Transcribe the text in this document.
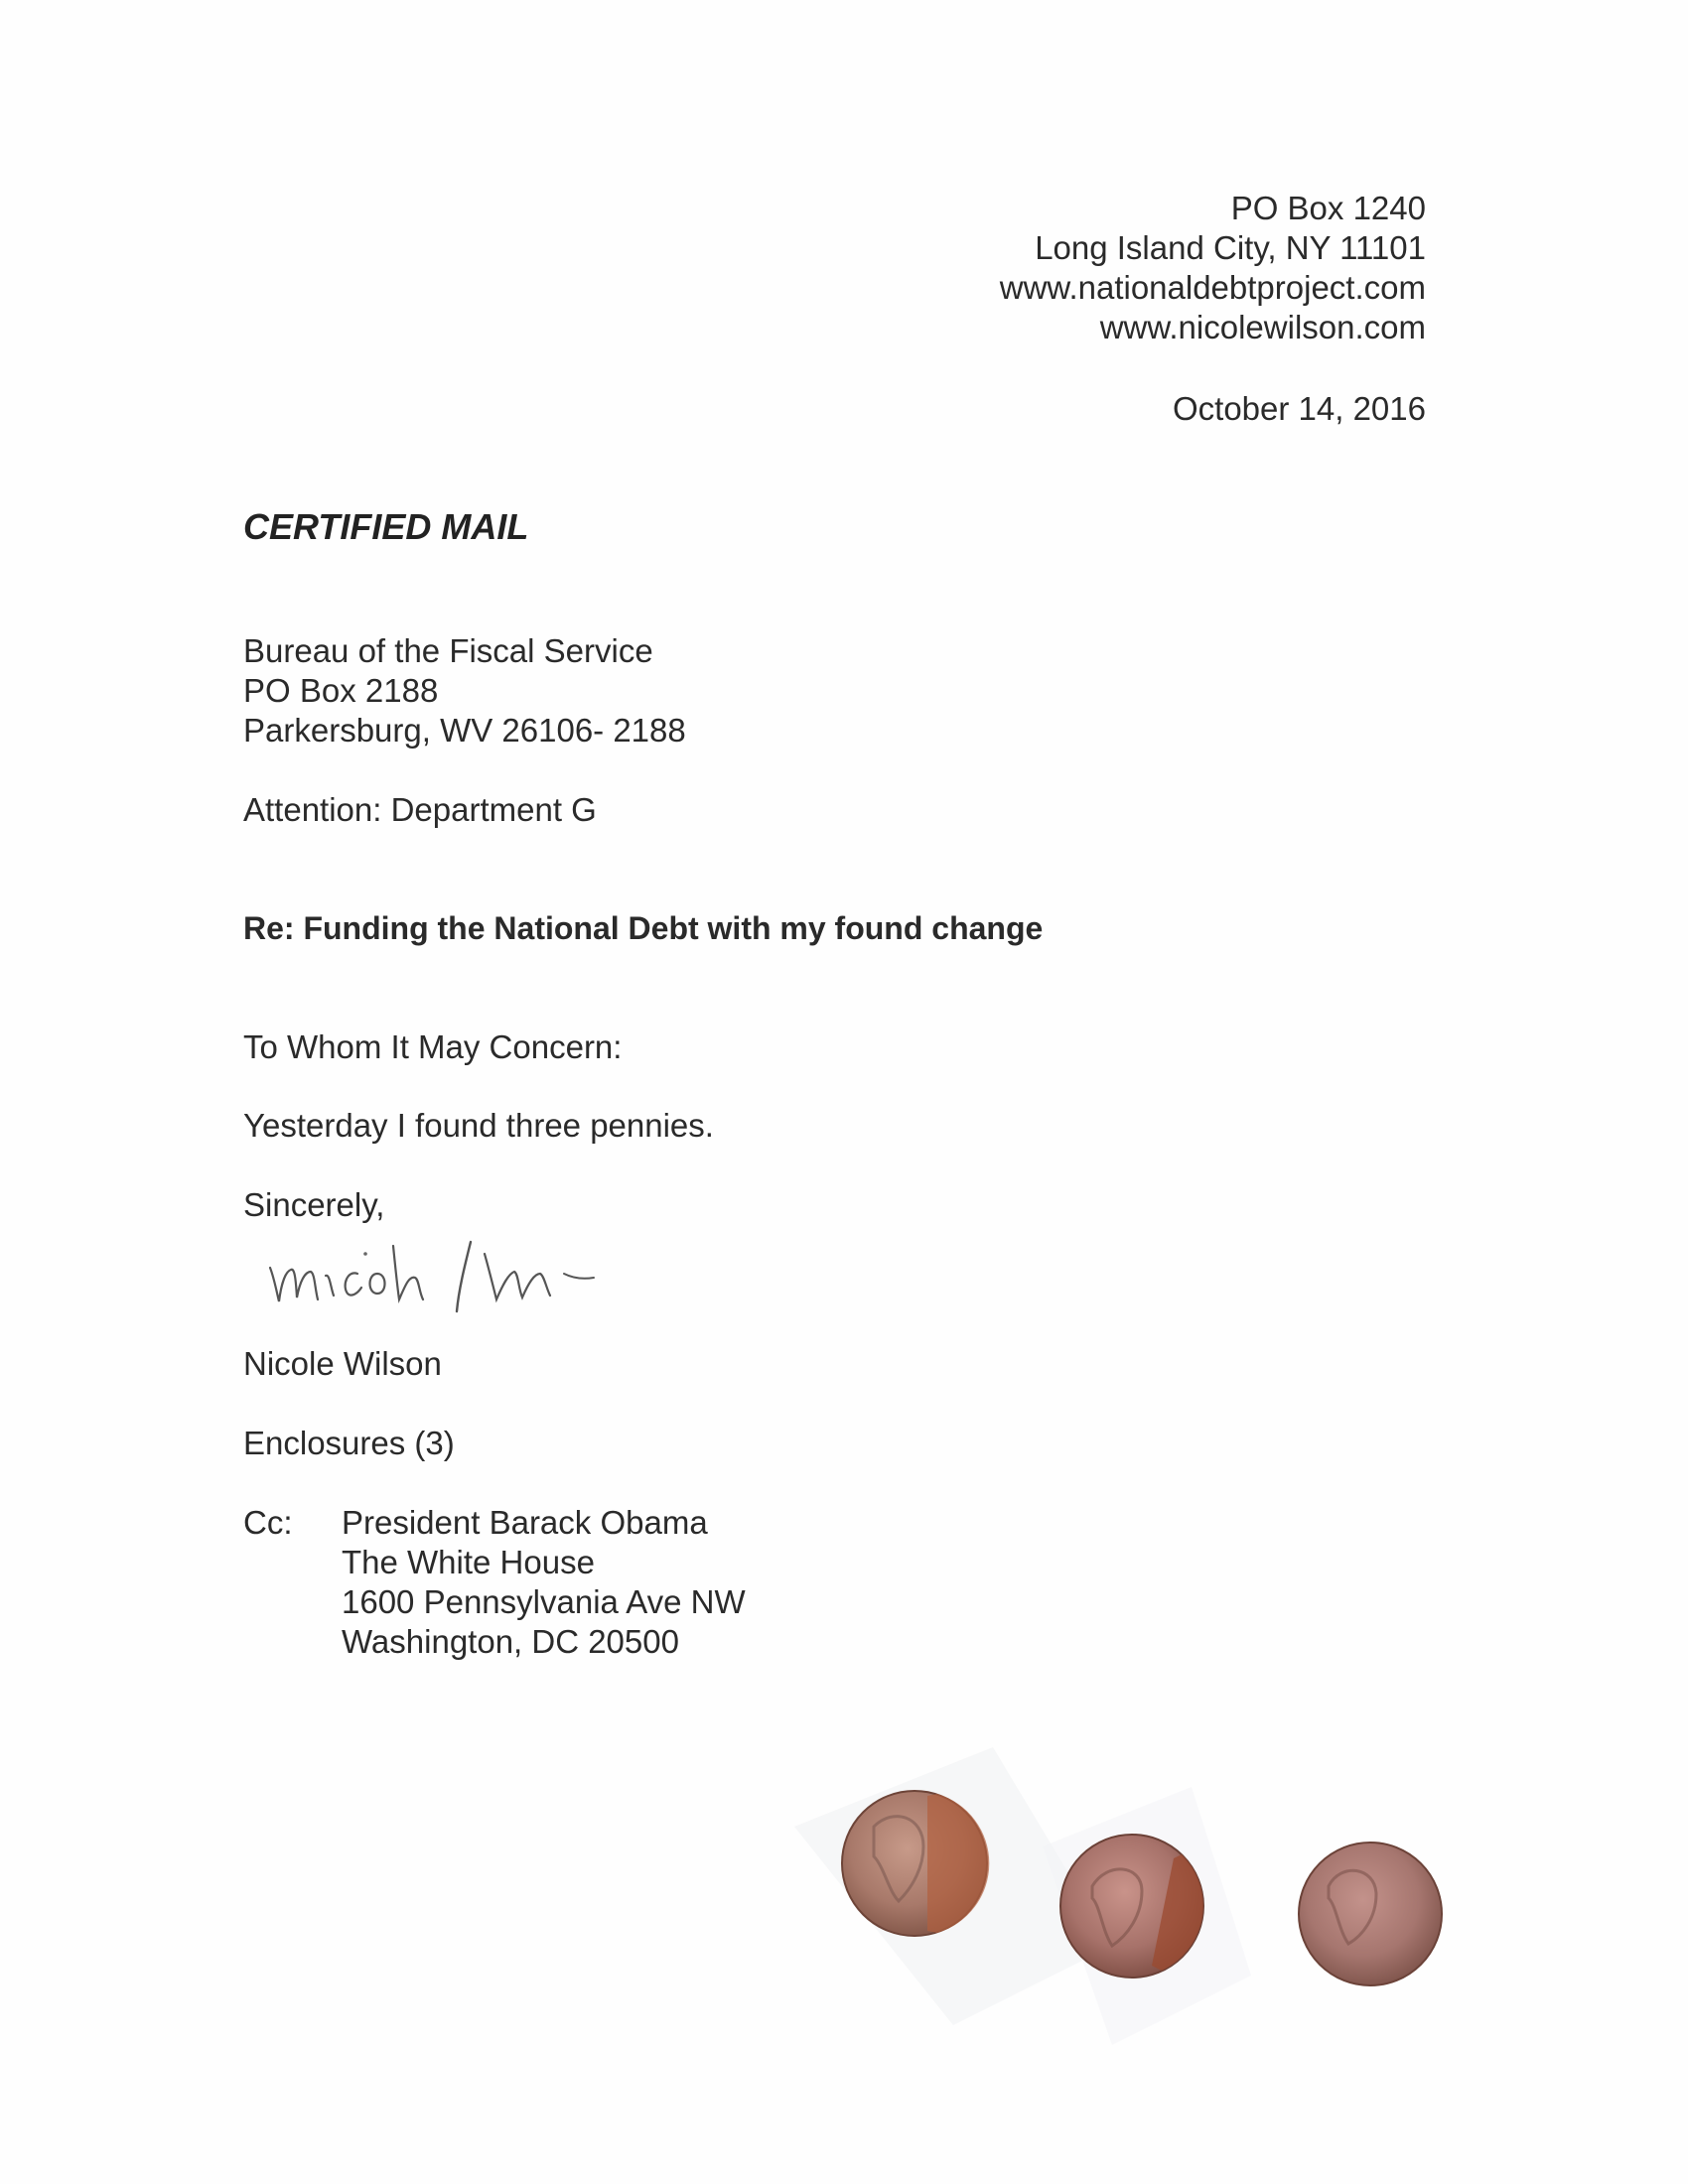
PO Box 1240
Long Island City, NY 11101
www.nationaldebtproject.com
www.nicolewilson.com
October 14, 2016
CERTIFIED MAIL
Bureau of the Fiscal Service
PO Box 2188
Parkersburg, WV 26106- 2188
Attention: Department G
Re: Funding the National Debt with my found change
To Whom It May Concern:
Yesterday I found three pennies.
Sincerely,
Nicole Wilson
Enclosures (3)
Cc: President Barack Obama
The White House
1600 Pennsylvania Ave NW
Washington, DC 20500
